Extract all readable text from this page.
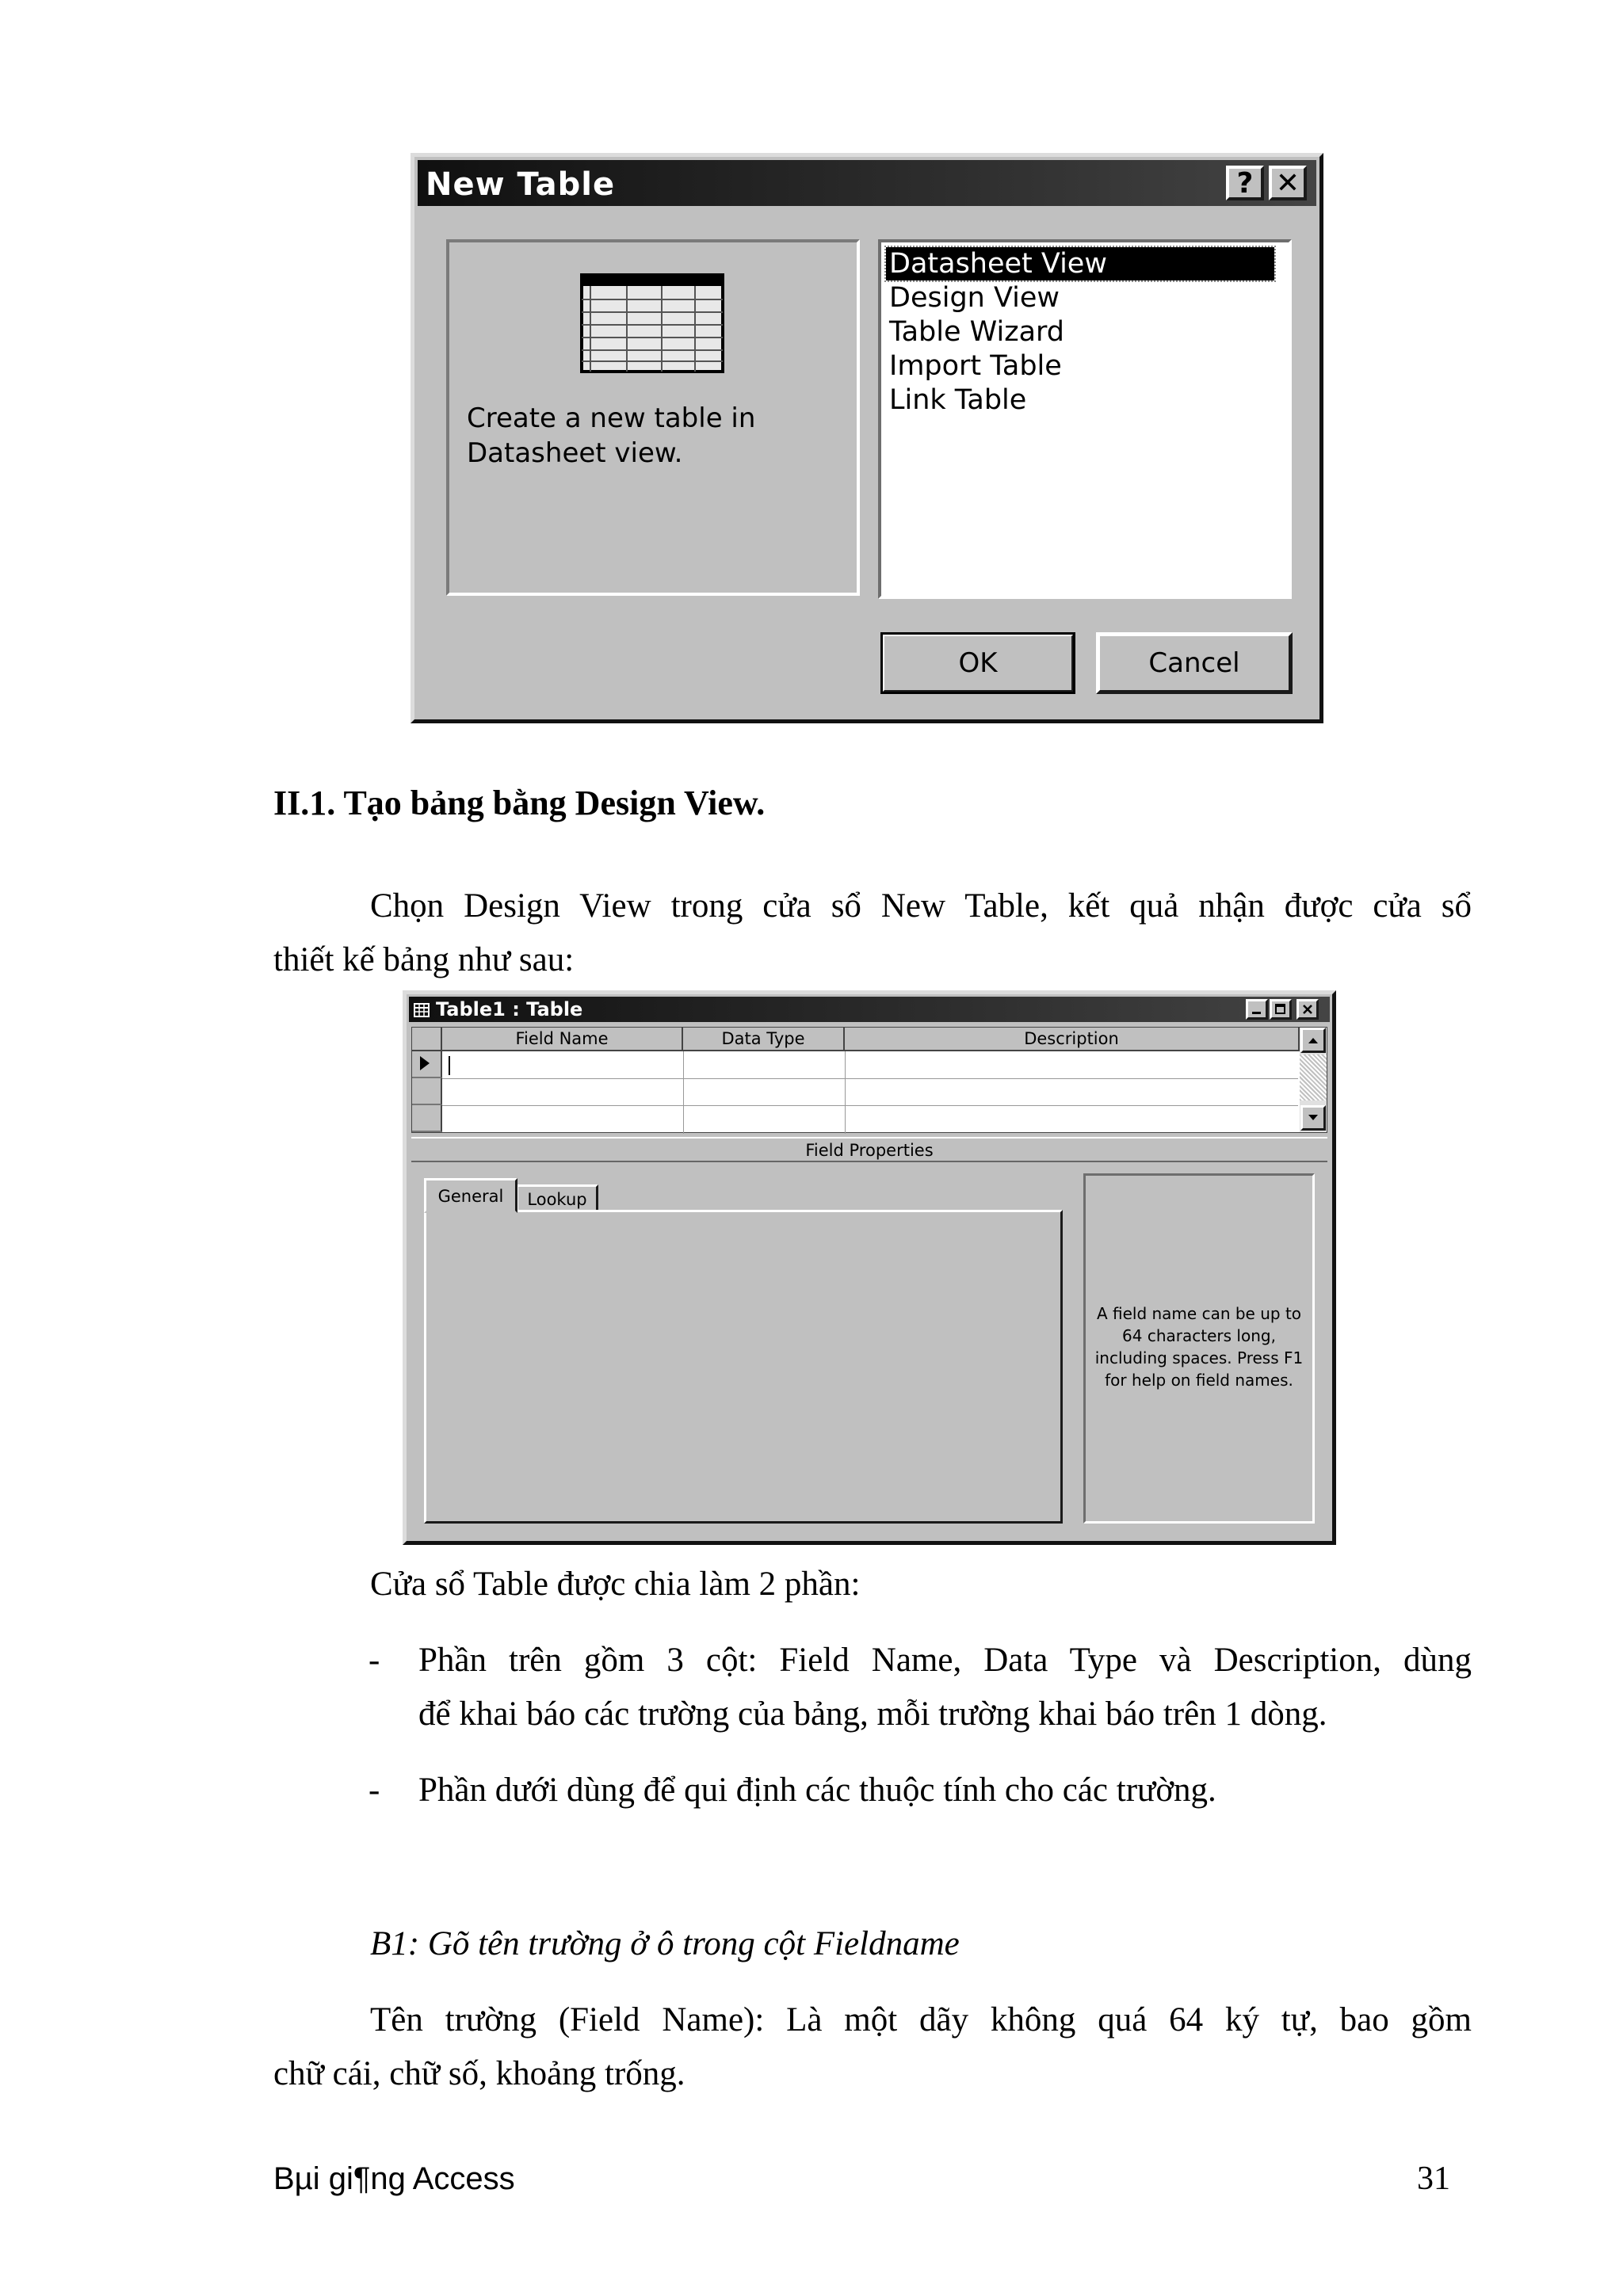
New Table	? ✕
Create a new table in
Datasheet view.
Datasheet View
Design View
Table Wizard
Import Table
Link Table
OK	Cancel
II.1. Tạo bảng bằng Design View.
Chọn Design View trong cửa sổ New Table, kết quả nhận được cửa sổ
thiết kế bảng như sau:
Table1 : Table
Field Name	Data Type	Description
Field Properties
General	Lookup
A field name can be up to 64 characters long, including spaces. Press F1 for help on field names.
Cửa sổ Table được chia làm 2 phần:
- Phần trên gồm 3 cột: Field Name, Data Type và Description, dùng
để khai báo các trường của bảng, mỗi trường khai báo trên 1 dòng.
- Phần dưới dùng để qui định các thuộc tính cho các trường.
B1: Gõ tên trường ở ô trong cột Fieldname
Tên trường (Field Name): Là một dãy không quá 64 ký tự, bao gồm
chữ cái, chữ số, khoảng trống.
Bµi gi¶ng Access	31
